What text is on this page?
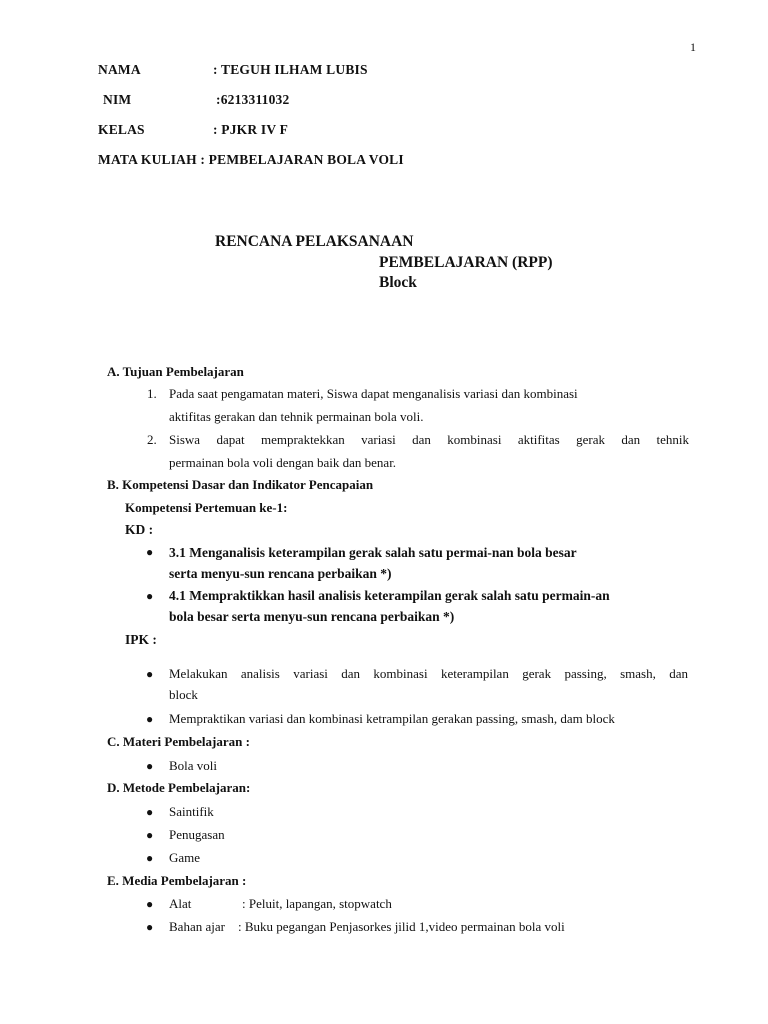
1
NAMA	: TEGUH ILHAM LUBIS
NIM	:6213311032
KELAS	: PJKR IV F
MATA KULIAH : PEMBELAJARAN BOLA VOLI
RENCANA PELAKSANAAN
PEMBELAJARAN (RPP)
Block
A. Tujuan Pembelajaran
1. Pada saat pengamatan materi, Siswa dapat menganalisis variasi dan kombinasi
aktifitas gerakan dan tehnik permainan bola voli.
2. Siswa dapat mempraktekkan variasi dan kombinasi aktifitas gerak dan tehnik
permainan bola voli dengan baik dan benar.
B. Kompetensi Dasar dan Indikator Pencapaian
Kompetensi Pertemuan ke-1:
KD :
● 3.1 Menganalisis keterampilan gerak salah satu permai-nan bola besar
serta menyu-sun rencana perbaikan *)
● 4.1 Mempraktikkan hasil analisis keterampilan gerak salah satu permain-an
bola besar serta menyu-sun rencana perbaikan *)
IPK :
● Melakukan analisis variasi dan kombinasi keterampilan gerak passing, smash, dan
block
● Mempraktikan variasi dan kombinasi ketrampilan gerakan passing, smash, dam block
C. Materi Pembelajaran :
● Bola voli
D. Metode Pembelajaran:
● Saintifik
● Penugasan
● Game
E. Media Pembelajaran :
● Alat	: Peluit, lapangan, stopwatch
● Bahan ajar : Buku pegangan Penjasorkes jilid 1,video permainan bola voli
